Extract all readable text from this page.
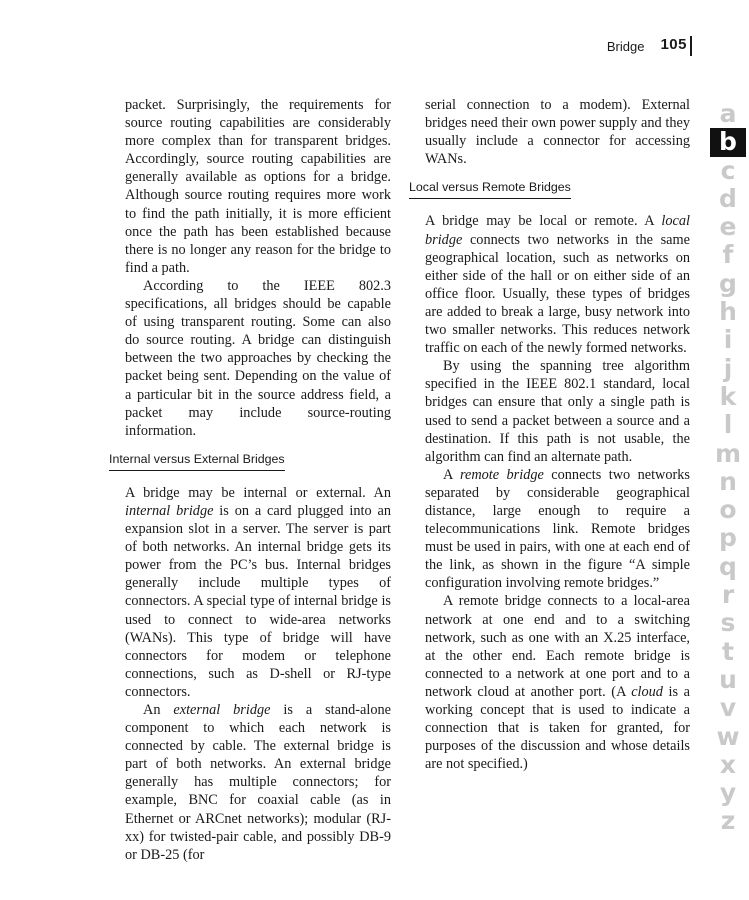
Bridge 105

packet. Surprisingly, the requirements for source routing capabilities are considerably more complex than for transparent bridges. Accordingly, source routing capabilities are generally available as options for a bridge. Although source routing requires more work to find the path initially, it is more efficient once the path has been established because there is no longer any reason for the bridge to find a path.

According to the IEEE 802.3 specifications, all bridges should be capable of using transparent routing. Some can also do source routing. A bridge can distinguish between the two approaches by checking the packet being sent. Depending on the value of a particular bit in the source address field, a packet may include source-routing information.

Internal versus External Bridges

A bridge may be internal or external. An internal bridge is on a card plugged into an expansion slot in a server. The server is part of both networks. An internal bridge gets its power from the PC’s bus. Internal bridges generally include multiple types of connectors. A special type of internal bridge is used to connect to wide-area networks (WANs). This type of bridge will have connectors for modem or telephone connections, such as D-shell or RJ-type connectors.

An external bridge is a stand-alone component to which each network is connected by cable. The external bridge is part of both networks. An external bridge generally has multiple connectors; for example, BNC for coaxial cable (as in Ethernet or ARCnet networks); modular (RJ-xx) for twisted-pair cable, and possibly DB-9 or DB-25 (for

serial connection to a modem). External bridges need their own power supply and they usually include a connector for accessing WANs.

Local versus Remote Bridges

A bridge may be local or remote. A local bridge connects two networks in the same geographical location, such as networks on either side of the hall or on either side of an office floor. Usually, these types of bridges are added to break a large, busy network into two smaller networks. This reduces network traffic on each of the newly formed networks.

By using the spanning tree algorithm specified in the IEEE 802.1 standard, local bridges can ensure that only a single path is used to send a packet between a source and a destination. If this path is not usable, the algorithm can find an alternate path.

A remote bridge connects two networks separated by considerable geographical distance, large enough to require a telecommunications link. Remote bridges must be used in pairs, with one at each end of the link, as shown in the figure “A simple configuration involving remote bridges.”

A remote bridge connects to a local-area network at one end and to a switching network, such as one with an X.25 interface, at the other end. Each remote bridge is connected to a network at one port and to a network cloud at another port. (A cloud is a working concept that is used to indicate a connection that is taken for granted, for purposes of the discussion and whose details are not specified.)

a
b
c
d
e
f
g
h
i
j
k
l
m
n
o
p
q
r
s
t
u
v
w
x
y
z
